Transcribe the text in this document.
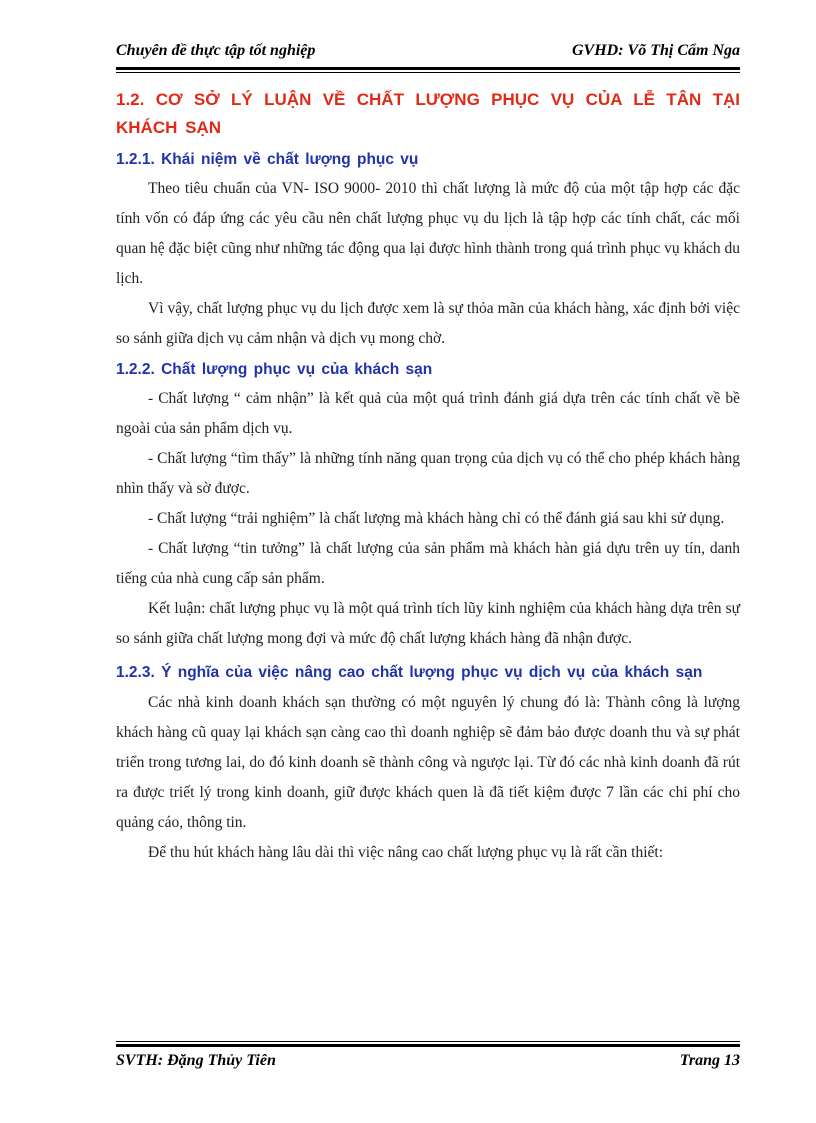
Chuyên đề thực tập tốt nghiệp	GVHD: Võ Thị Cẩm Nga
1.2. CƠ SỞ LÝ LUẬN VỀ CHẤT LƯỢNG PHỤC VỤ CỦA LỄ TÂN TẠI KHÁCH SẠN
1.2.1. Khái niệm về chất lượng phục vụ

Theo tiêu chuẩn của VN- ISO 9000- 2010 thì chất lượng là mức độ của một tập hợp các đặc tính vốn có đáp ứng các yêu cầu nên chất lượng phục vụ du lịch là tập hợp các tính chất, các mối quan hệ đặc biệt cũng như những tác động qua lại được hình thành trong quá trình phục vụ khách du lịch.

Vì vậy, chất lượng phục vụ du lịch được xem là sự thỏa mãn của khách hàng, xác định bởi việc so sánh giữa dịch vụ cảm nhận và dịch vụ mong chờ.

1.2.2. Chất lượng phục vụ của khách sạn

- Chất lượng “ cảm nhận” là kết quả của một quá trình đánh giá dựa trên các tính chất về bề ngoài của sản phẩm dịch vụ.

- Chất lượng “tìm thấy” là những tính năng quan trọng của dịch vụ có thể cho phép khách hàng nhìn thấy và sờ được.

- Chất lượng “trải nghiệm” là chất lượng mà khách hàng chỉ có thể đánh giá sau khi sử dụng.

- Chất lượng “tin tưởng” là chất lượng của sản phẩm mà khách hàn giá dựu trên uy tín, danh tiếng của nhà cung cấp sản phẩm.

Kết luận: chất lượng phục vụ là một quá trình tích lũy kinh nghiệm của khách hàng dựa trên sự so sánh giữa chất lượng mong đợi và mức độ chất lượng khách hàng đã nhận được.

1.2.3. Ý nghĩa của việc nâng cao chất lượng phục vụ dịch vụ của khách sạn

Các nhà kinh doanh khách sạn thường có một nguyên lý chung đó là: Thành công là lượng khách hàng cũ quay lại khách sạn càng cao thì doanh nghiệp sẽ đảm bảo được doanh thu và sự phát triển trong tương lai, do đó kinh doanh sẽ thành công và ngược lại. Từ đó các nhà kinh doanh đã rút ra được triết lý trong kinh doanh, giữ được khách quen là đã tiết kiệm được 7 lần các chi phí cho quảng cáo, thông tin.

Để thu hút khách hàng lâu dài thì việc nâng cao chất lượng phục vụ là rất cần thiết:

SVTH: Đặng Thủy Tiên	Trang 13
